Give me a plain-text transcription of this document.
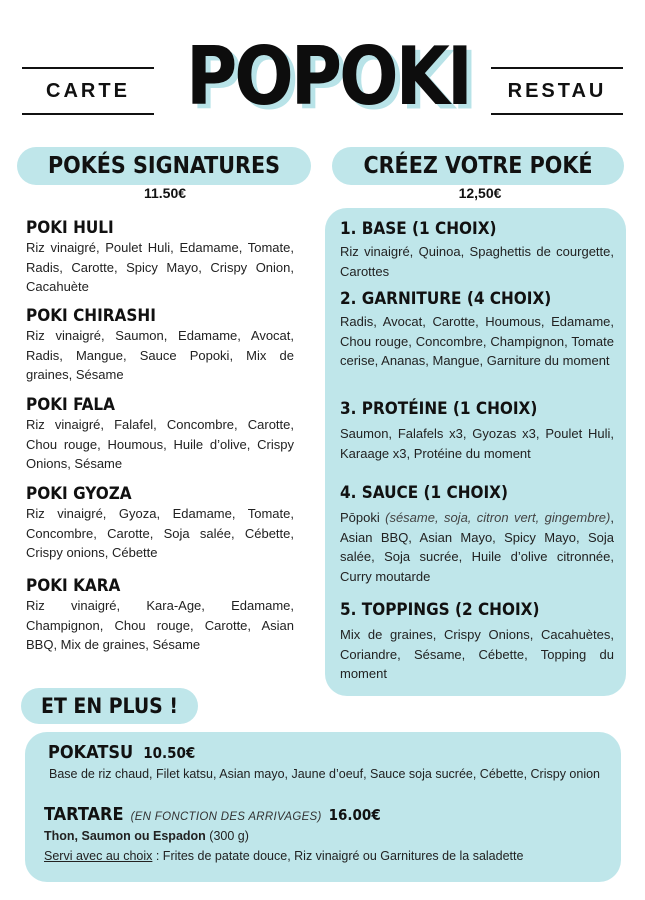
CARTE POPOKI	RESTAU
POKÉS SIGNATURES
11.50€
CRÉEZ VOTRE POKÉ
12,50€
POKI HULI
Riz vinaigré, Poulet Huli, Edamame, Tomate, Radis, Carotte, Spicy Mayo, Crispy Onion, Cacahuète
POKI CHIRASHI
Riz vinaigré, Saumon, Edamame, Avocat, Radis, Mangue, Sauce Popoki, Mix de graines, Sésame
POKI FALA
Riz vinaigré, Falafel, Concombre, Carotte, Chou rouge, Houmous, Huile d’olive, Crispy Onions, Sésame
POKI GYOZA
Riz vinaigré, Gyoza, Edamame, Tomate, Concombre, Carotte, Soja salée, Cébette, Crispy onions, Cébette
POKI KARA
Riz vinaigré, Kara-Age, Edamame, Champignon, Chou rouge, Carotte, Asian BBQ, Mix de graines, Sésame
1. BASE (1 CHOIX)
Riz vinaigré, Quinoa, Spaghettis de courgette, Carottes
2. GARNITURE (4 CHOIX)
Radis, Avocat, Carotte, Houmous, Edamame, Chou rouge, Concombre, Champignon, Tomate cerise, Ananas, Mangue, Garniture du moment
3. PROTÉINE (1 CHOIX)
Saumon, Falafels x3, Gyozas x3, Poulet Huli, Karaage x3, Protéine du moment
4. SAUCE (1 CHOIX)
Pōpoki (sésame, soja, citron vert, gingembre), Asian BBQ, Asian Mayo, Spicy Mayo, Soja salée, Soja sucrée, Huile d’olive citronnée, Curry moutarde
5. TOPPINGS (2 CHOIX)
Mix de graines, Crispy Onions, Cacahuètes, Coriandre, Sésame, Cébette, Topping du moment
ET EN PLUS !
POKATSU 10.50€
Base de riz chaud, Filet katsu, Asian mayo, Jaune d’oeuf, Sauce soja sucrée, Cébette, Crispy onion
TARTARE (EN FONCTION DES ARRIVAGES) 16.00€
Thon, Saumon ou Espadon (300 g)
Servi avec au choix : Frites de patate douce, Riz vinaigré ou Garnitures de la saladette
